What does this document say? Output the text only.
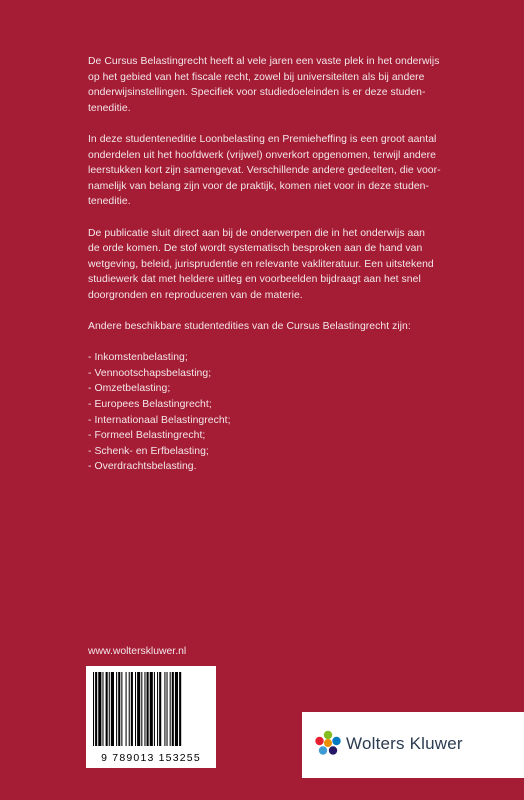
De Cursus Belastingrecht heeft al vele jaren een vaste plek in het onderwijs
op het gebied van het fiscale recht, zowel bij universiteiten als bij andere
onderwijsinstellingen. Specifiek voor studiedoeleinden is er deze studen-
teneditie.

In deze studenteneditie Loonbelasting en Premieheffing is een groot aantal
onderdelen uit het hoofdwerk (vrijwel) onverkort opgenomen, terwijl andere
leerstukken kort zijn samengevat. Verschillende andere gedeelten, die voor-
namelijk van belang zijn voor de praktijk, komen niet voor in deze studen-
teneditie.

De publicatie sluit direct aan bij de onderwerpen die in het onderwijs aan
de orde komen. De stof wordt systematisch besproken aan de hand van
wetgeving, beleid, jurisprudentie en relevante vakliteratuur. Een uitstekend
studiewerk dat met heldere uitleg en voorbeelden bijdraagt aan het snel
doorgronden en reproduceren van de materie.

Andere beschikbare studentedities van de Cursus Belastingrecht zijn:

- Inkomstenbelasting;
- Vennootschapsbelasting;
- Omzetbelasting;
- Europees Belastingrecht;
- Internationaal Belastingrecht;
- Formeel Belastingrecht;
- Schenk- en Erfbelasting;
- Overdrachtsbelasting.
www.wolterskluwer.nl
9 789013 153255
Wolters Kluwer
